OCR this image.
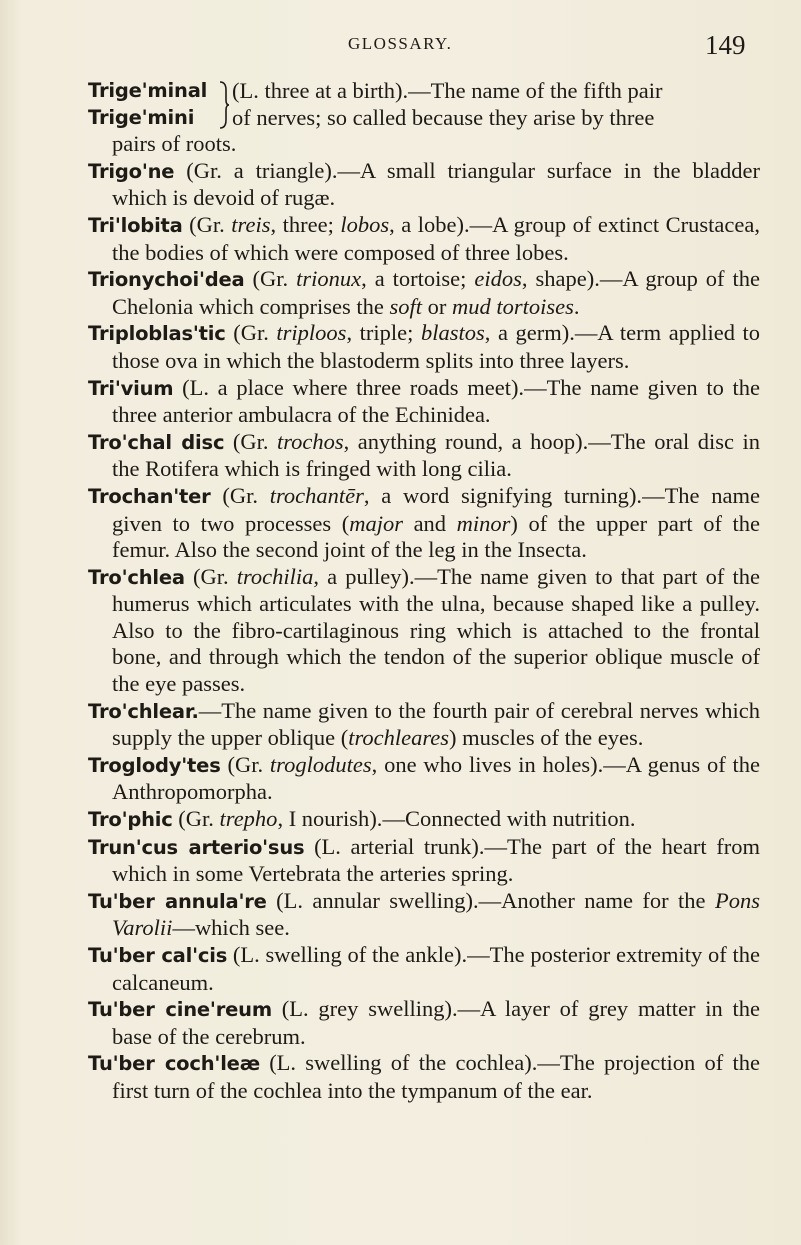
GLOSSARY.	149
Trige'minal
Trige'mini
(L. three at a birth).—The name of the fifth pair
of nerves; so called because they arise by three

pairs of roots.

Trigo'ne (Gr. a triangle).—A small triangular surface in the bladder which is devoid of rugæ.

Tri'lobita (Gr. treis, three; lobos, a lobe).—A group of extinct Crustacea, the bodies of which were composed of three lobes.

Trionychoi'dea (Gr. trionux, a tortoise; eidos, shape).—A group of the Chelonia which comprises the soft or mud tortoises.

Triploblas'tic (Gr. triploos, triple; blastos, a germ).—A term applied to those ova in which the blastoderm splits into three layers.

Tri'vium (L. a place where three roads meet).—The name given to the three anterior ambulacra of the Echinidea.

Tro'chal disc (Gr. trochos, anything round, a hoop).—The oral disc in the Rotifera which is fringed with long cilia.

Trochan'ter (Gr. trochantēr, a word signifying turning).—The name given to two processes (major and minor) of the upper part of the femur. Also the second joint of the leg in the Insecta.

Tro'chlea (Gr. trochilia, a pulley).—The name given to that part of the humerus which articulates with the ulna, because shaped like a pulley. Also to the fibro-cartilaginous ring which is attached to the frontal bone, and through which the tendon of the superior oblique muscle of the eye passes.

Tro'chlear.—The name given to the fourth pair of cerebral nerves which supply the upper oblique (trochleares) muscles of the eyes.

Troglody'tes (Gr. troglodutes, one who lives in holes).—A genus of the Anthropomorpha.

Tro'phic (Gr. trepho, I nourish).—Connected with nutrition.

Trun'cus arterio'sus (L. arterial trunk).—The part of the heart from which in some Vertebrata the arteries spring.

Tu'ber annula're (L. annular swelling).—Another name for the Pons Varolii—which see.

Tu'ber cal'cis (L. swelling of the ankle).—The posterior extremity of the calcaneum.

Tu'ber cine'reum (L. grey swelling).—A layer of grey matter in the base of the cerebrum.

Tu'ber coch'leæ (L. swelling of the cochlea).—The projection of the first turn of the cochlea into the tympanum of the ear.
